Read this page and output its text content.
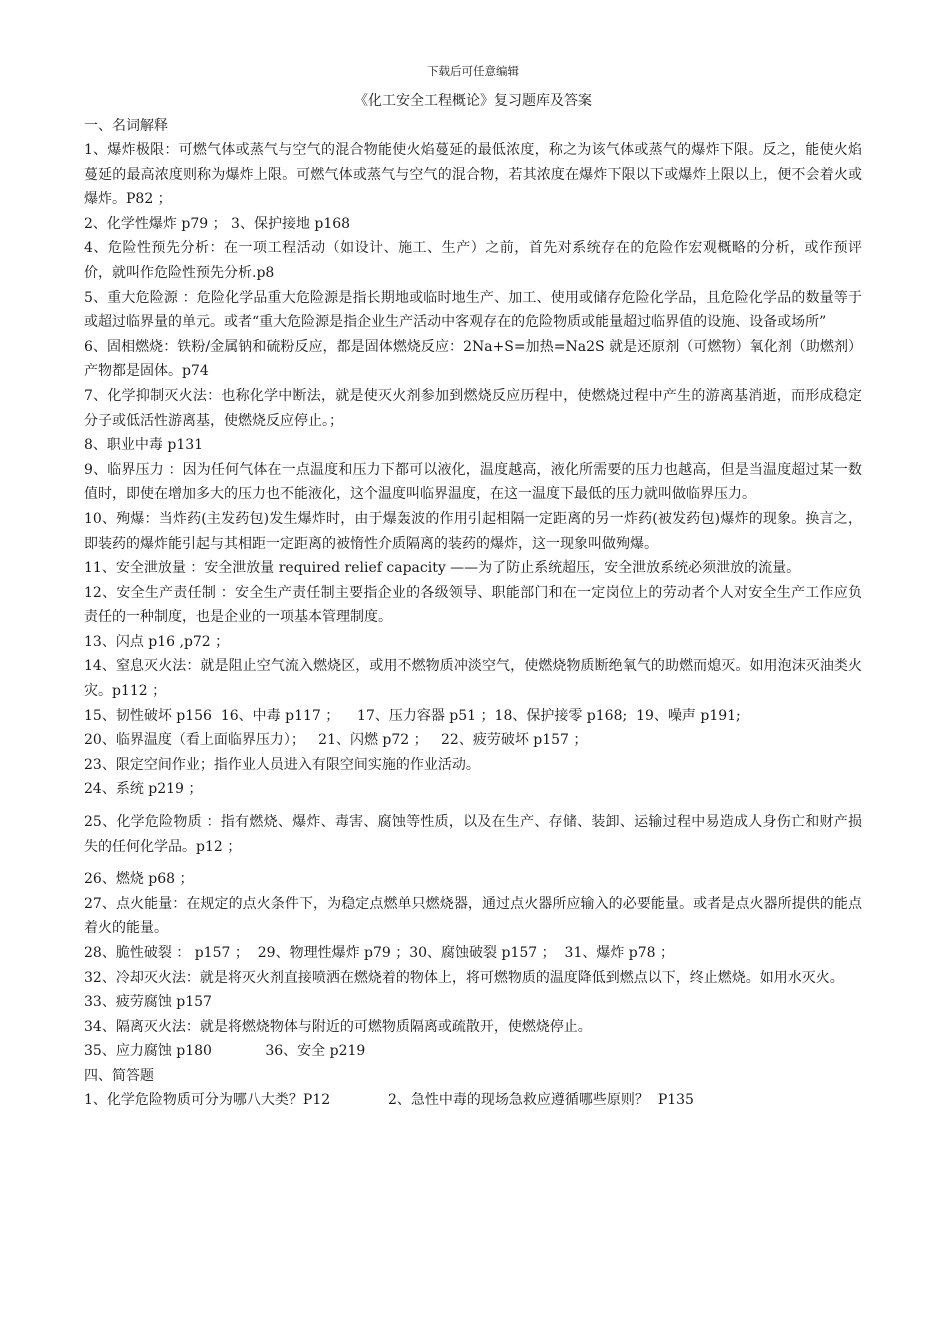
下载后可任意编辑
《化工安全工程概论》复习题库及答案

一、名词解释

1、爆炸极限：可燃气体或蒸气与空气的混合物能使火焰蔓延的最低浓度，称之为该气体或蒸气的爆炸下限。反之，能使火焰蔓延的最高浓度则称为爆炸上限。可燃气体或蒸气与空气的混合物，若其浓度在爆炸下限以下或爆炸上限以上，便不会着火或爆炸。P82 ；

2、化学性爆炸 p79 ； 3、保护接地 p168

4、危险性预先分析：在一项工程活动（如设计、施工、生产）之前，首先对系统存在的危险作宏观概略的分析，或作预评价，就叫作危险性预先分析.p8

5、重大危险源 ：危险化学品重大危险源是指长期地或临时地生产、加工、使用或储存危险化学品，且危险化学品的数量等于或超过临界量的单元。或者“重大危险源是指企业生产活动中客观存在的危险物质或能量超过临界值的设施、设备或场所”

6、固相燃烧：铁粉/金属钠和硫粉反应，都是固体燃烧反应：2Na+S=加热=Na2S 就是还原剂（可燃物）氧化剂（助燃剂）产物都是固体。p74

7、化学抑制灭火法：也称化学中断法，就是使灭火剂参加到燃烧反应历程中，使燃烧过程中产生的游离基消逝，而形成稳定分子或低活性游离基，使燃烧反应停止。；

8、职业中毒 p131

9、临界压力 ：因为任何气体在一点温度和压力下都可以液化，温度越高，液化所需要的压力也越高，但是当温度超过某一数值时，即使在增加多大的压力也不能液化，这个温度叫临界温度，在这一温度下最低的压力就叫做临界压力。

10、殉爆：当炸药(主发药包)发生爆炸时，由于爆轰波的作用引起相隔一定距离的另一炸药(被发药包)爆炸的现象。换言之，即装药的爆炸能引起与其相距一定距离的被惰性介质隔离的装药的爆炸，这一现象叫做殉爆。

11、安全泄放量 ：安全泄放量 required relief capacity ——为了防止系统超压，安全泄放系统必须泄放的流量。

12、安全生产责任制 ：安全生产责任制主要指企业的各级领导、职能部门和在一定岗位上的劳动者个人对安全生产工作应负责任的一种制度，也是企业的一项基本管理制度。

13、闪点 p16 ,p72 ；

14、窒息灭火法：就是阻止空气流入燃烧区，或用不燃物质冲淡空气，使燃烧物质断绝氧气的助燃而熄灭。如用泡沫灭油类火灾。p112 ；

15、韧性破坏 p156  16、中毒 p117 ；    17、压力容器 p51 ；18、保护接零 p168;  19、噪声 p191;

20、临界温度（看上面临界压力）；   21、闪燃 p72 ；   22、疲劳破坏 p157 ；

23、限定空间作业；指作业人员进入有限空间实施的作业活动。

24、系统 p219 ；

25、化学危险物质 ：指有燃烧、爆炸、毒害、腐蚀等性质，以及在生产、存储、装卸、运输过程中易造成人身伤亡和财产损失的任何化学品。p12 ；

26、燃烧 p68 ；

27、点火能量：在规定的点火条件下，为稳定点燃单只燃烧器，通过点火器所应输入的必要能量。或者是点火器所提供的能点着火的能量。

28、脆性破裂 ： p157 ；  29、物理性爆炸 p79 ；30、腐蚀破裂 p157 ；  31、爆炸 p78 ；

32、冷却灭火法：就是将灭火剂直接喷洒在燃烧着的物体上，将可燃物质的温度降低到燃点以下，终止燃烧。如用水灭火。

33、疲劳腐蚀 p157

34、隔离灭火法：就是将燃烧物体与附近的可燃物质隔离或疏散开，使燃烧停止。

35、应力腐蚀 p180            36、安全 p219

四、简答题

1、化学危险物质可分为哪八大类？P12	2、急性中毒的现场急救应遵循哪些原则？  P135
